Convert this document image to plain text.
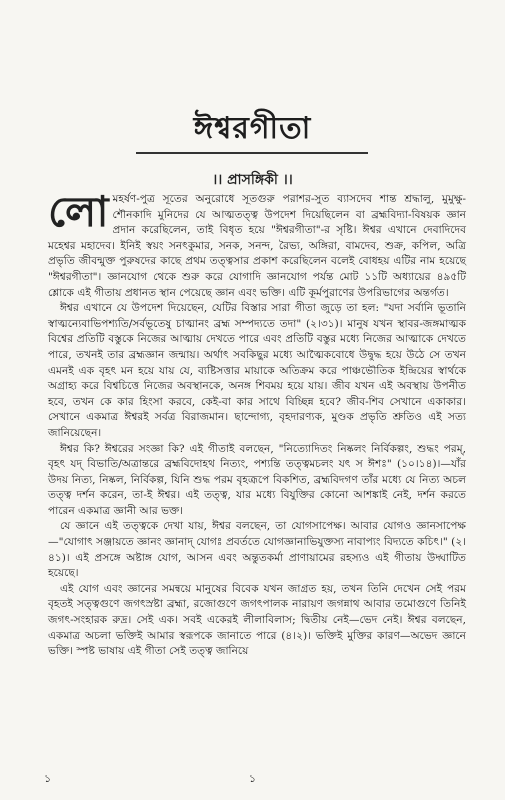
ঈশ্বরগীতা
।। প্রাসঙ্গিকী ।।

লোমহর্ষণ-পুত্র সূতের অনুরোধে সূতগুরু পরাশর-সুত ব্যাসদেব শান্ত শ্রদ্ধালু, মুমুক্ষু-শৌনকাদি মুনিদের যে আত্মতত্ত্ব উপদেশ দিয়েছিলেন বা ব্রহ্মবিদ্যা-বিষয়ক জ্ঞান প্রদান করেছিলেন, তাই বিধৃত হয়ে "ঈশ্বরগীতা"-র সৃষ্টি। ঈশ্বর এখানে দেবাদিদেব মহেশ্বর মহাদেব। ইনিই স্বয়ং সনৎকুমার, সনক, সনন্দ, রৈভ্য, অঙ্গিরা, বামদেব, শুক্র, কপিল, অত্রি প্রভৃতি জীবন্মুক্ত পুরুষদের কাছে প্রথম তত্ত্বসার প্রকাশ করেছিলেন বলেই বোধহয় এটির নাম হয়েছে "ঈশ্বরগীতা"। জ্ঞানযোগ থেকে শুরু করে যোগাদি জ্ঞানযোগ পর্যন্ত মোট ১১টি অধ্যায়ের ৪৯৫টি শ্লোকে এই গীতায় প্রধানত স্থান পেয়েছে জ্ঞান এবং ভক্তি। এটি কূর্মপুরাণের উপরিভাগের অন্তর্গত।

ঈশ্বর এখানে যে উপদেশ দিয়েছেন, যেটির বিস্তার সারা গীতা জুড়ে তা হল: "যদা সর্বানি ভূতানি স্বাত্মন্যেবাভিপশ্যতি/সর্বভূতেষু চাত্মানং ব্রহ্ম সম্পদ্যতে তদা" (২।৩১)। মানুষ যখন স্থাবর-জঙ্গমাত্মক বিশ্বের প্রতিটি বস্তুকে নিজের আত্মায় দেখতে পারে এবং প্রতিটি বস্তুর মধ্যে নিজের আত্মাকে দেখতে পারে, তখনই তার ব্রহ্মজ্ঞান জন্মায়। অর্থাৎ সবকিছুর মধ্যে আত্মৈকবোধে উদ্বুদ্ধ হয়ে উঠে সে তখন এমনই এক বৃহৎ মন হয়ে যায় যে, ব্যষ্টিসত্তার মায়াকে অতিক্রম করে পাঞ্চভৌতিক ইন্দ্রিয়ের স্বার্থকে অগ্রাহ্য করে বিশ্বচিত্তে নিজের অবস্থানকে, অনঙ্গ শিবময় হয়ে যায়। জীব যখন এই অবস্থায় উপনীত হবে, তখন কে কার হিংসা করবে, কেই-বা কার সাথে বিচ্ছিন্ন হবে? জীব-শিব সেখানে একাকার। সেখানে একমাত্র ঈশ্বরই সর্বত্র বিরাজমান। ছান্দোগ্য, বৃহদারণ্যক, মুণ্ডক প্রভৃতি শ্রুতিও এই সত্য জানিয়েছেন।

ঈশ্বর কি? ঈশ্বরের সংজ্ঞা কি? এই গীতাই বলছেন, "নিত্যোদিতং নিষ্কলং নির্বিকল্পং, শুদ্ধং পরম্, বৃহৎ যদ্ বিভাতি/অত্রান্তরে ব্রহ্মবিদোহথ নিত্যং, পশ্যন্তি তত্ত্বমচলং যৎ স ঈশঃ" (১০।১৪)।—যাঁর উদয় নিত্য, নিষ্কল, নির্বিকল্প, যিনি শুদ্ধ পরম বৃহত্রূপে বিকশিত, ব্রহ্মবিদগণ তাঁর মধ্যে যে নিত্য অচল তত্ত্ব দর্শন করেন, তা-ই ঈশ্বর। এই তত্ত্ব, যার মধ্যে বিযুক্তির কোনো আশঙ্কাই নেই, দর্শন করতে পারেন একমাত্র জ্ঞানী আর ভক্ত।

যে জ্ঞানে এই তত্ত্বকে দেখা যায়, ঈশ্বর বলছেন, তা যোগসাপেক্ষ। আবার যোগও জ্ঞানসাপেক্ষ—"যোগাৎ সঞ্জায়তে জ্ঞানং জ্ঞানাদ্ যোগঃ প্রবর্ততে যোগজ্ঞানাভিযুক্তস্য নাবাপ্যং বিদ্যতে কচিৎ।" (২।৪১)। এই প্রসঙ্গে অষ্টাঙ্গ যোগ, আসন এবং অন্তুতকর্মা প্রাণায়ামের রহস্যও এই গীতায় উদ্ঘাটিত হয়েছে।

এই যোগ এবং জ্ঞানের সমন্বয়ে মানুষের বিবেক যখন জাগ্রত হয়, তখন তিনি দেখেন সেই পরম বৃহতই সত্ত্বগুণে জগৎস্রষ্টা ব্রহ্মা, রজোগুণে জগৎপালক নারায়ণ জগন্নাথ আবার তমোগুণে তিনিই জগৎ-সংহারক রুদ্র। সেই এক। সবই একেরই লীলাবিলাস; দ্বিতীয় নেই—ভেদ নেই। ঈশ্বর বলছেন, একমাত্র অচলা ভক্তিই আমার স্বরূপকে জানাতে পারে (৪।২)। ভক্তিই মুক্তির কারণ—অভেদ জ্ঞানে ভক্তি। স্পষ্ট ভাষায় এই গীতা সেই তত্ত্ব জানিয়ে

১	১
